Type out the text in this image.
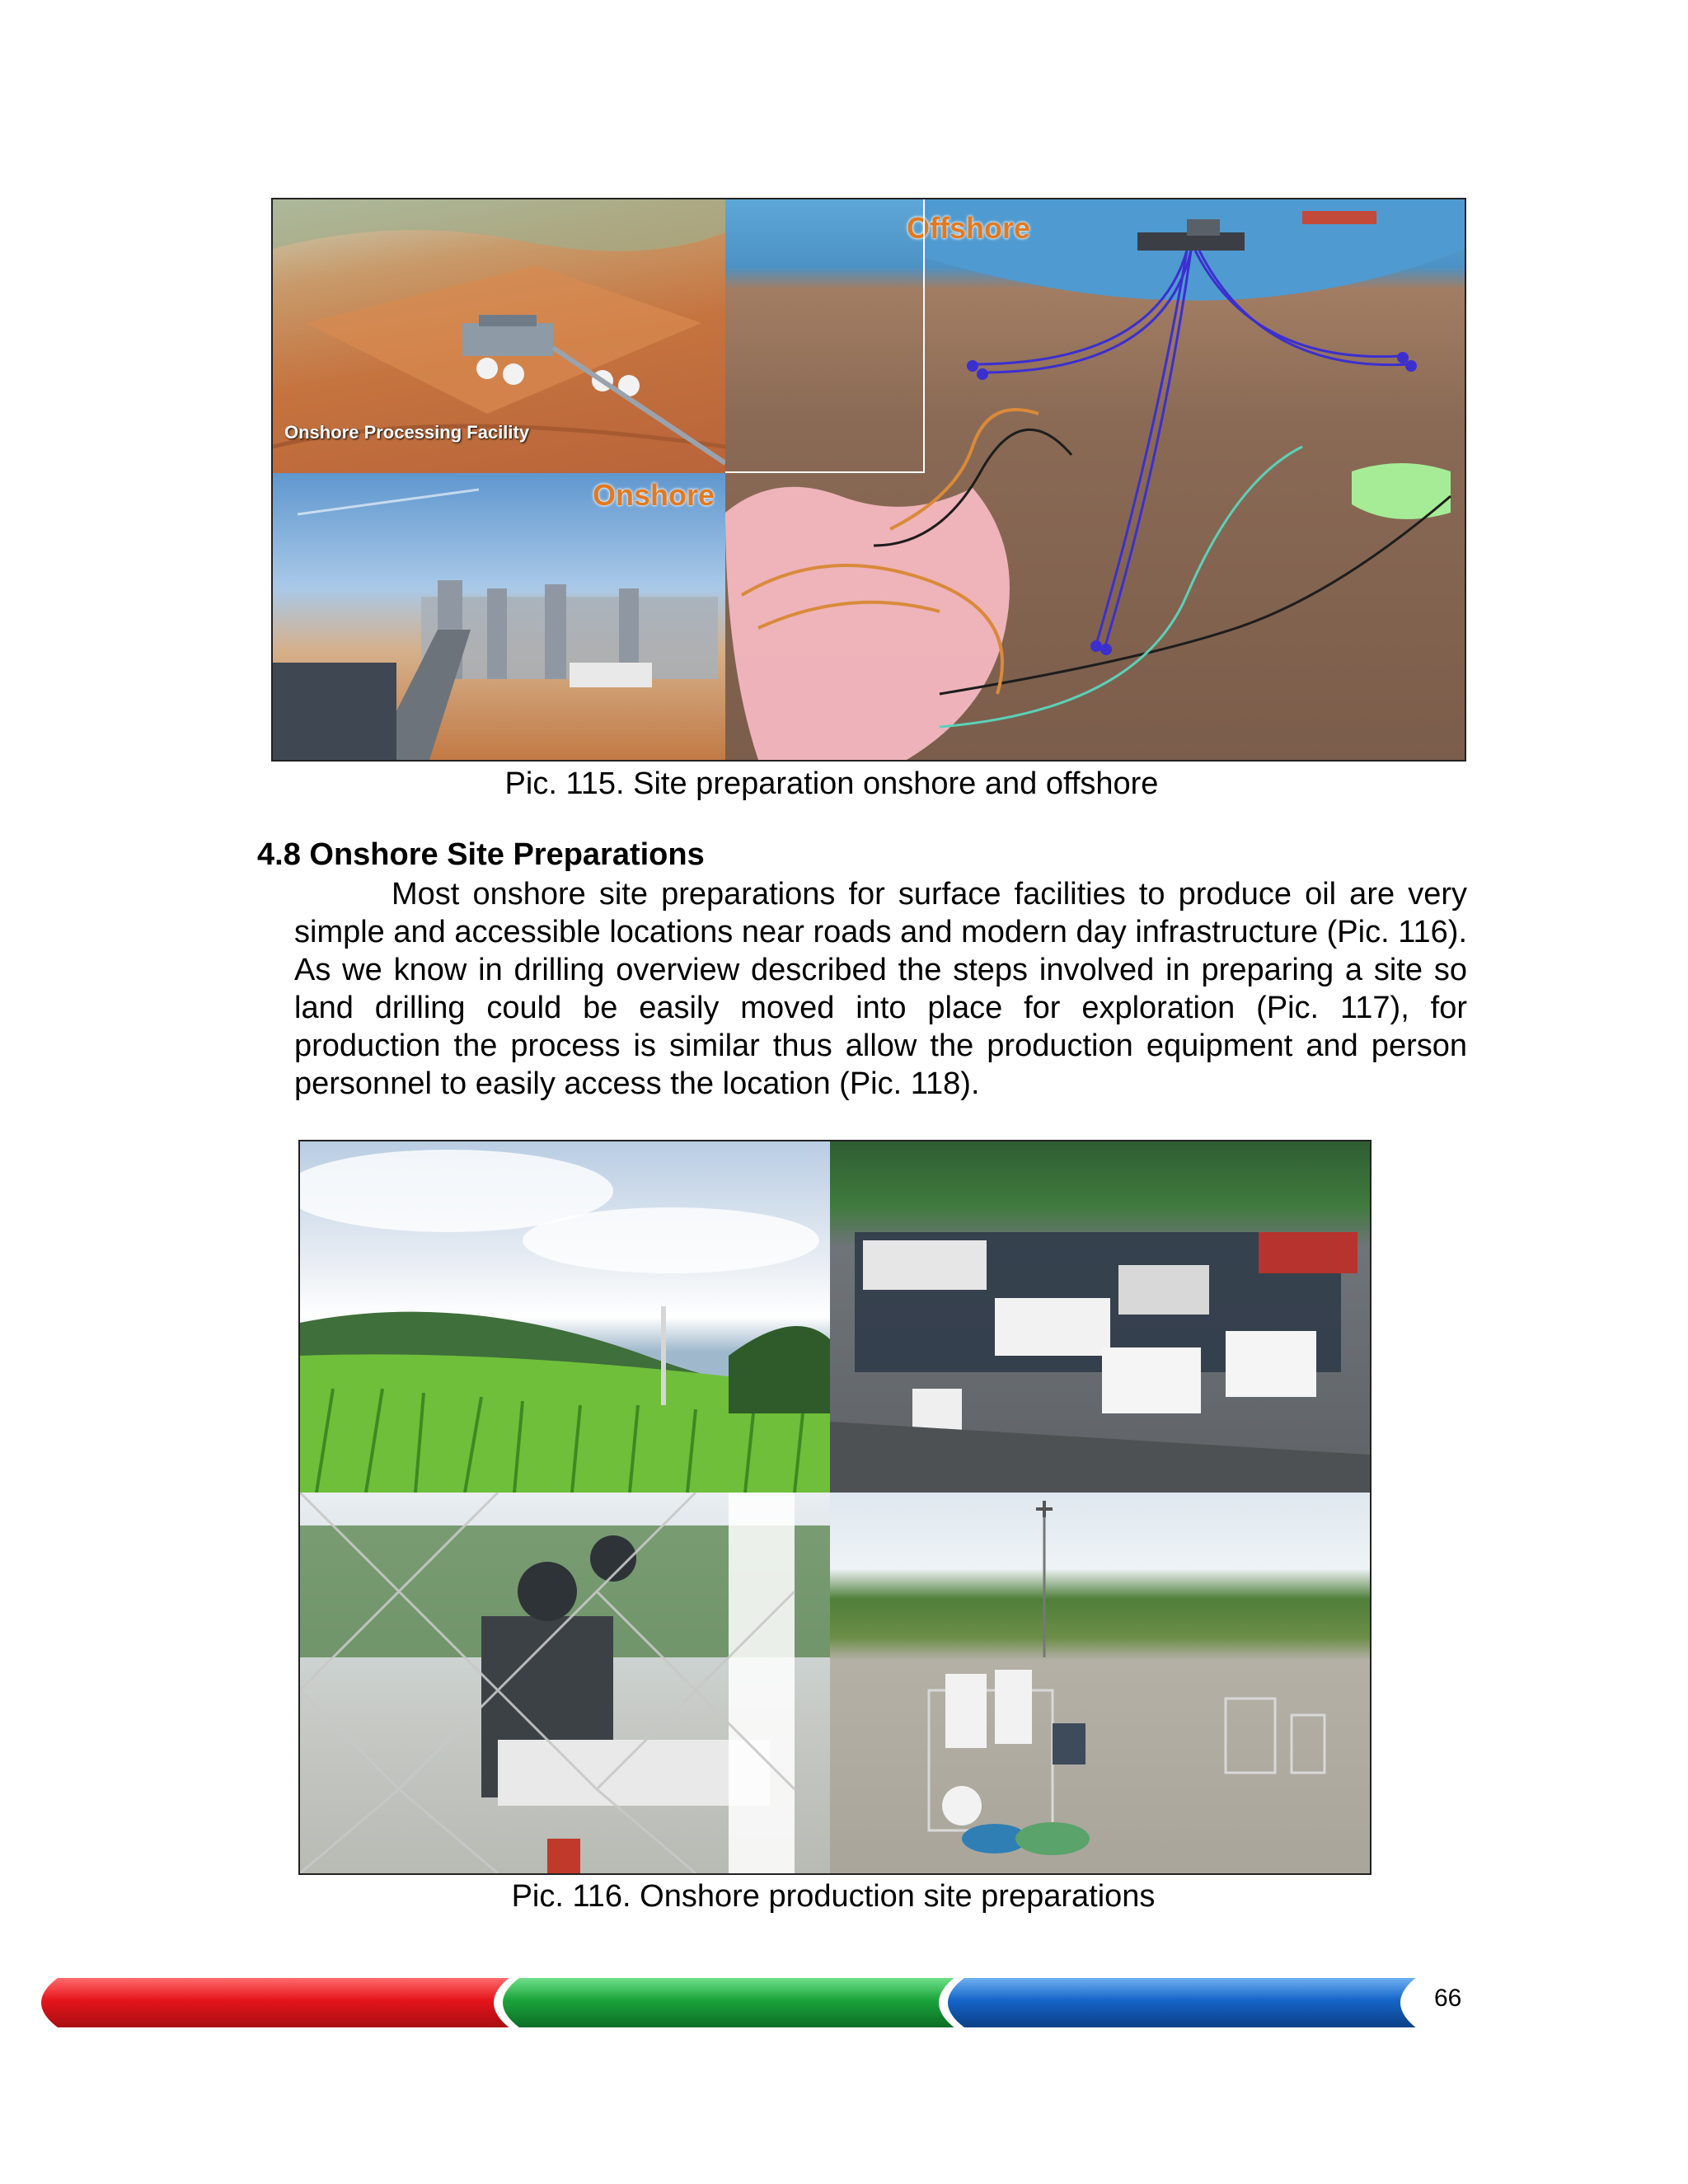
Onshore Processing Facility
Onshore
Offshore
Pic. 115. Site preparation onshore and offshore
4.8 Onshore Site Preparations
Most onshore site preparations for surface facilities to produce oil are very simple and accessible locations near roads and modern day infrastructure (Pic. 116). As we know in drilling overview described the steps involved in preparing a site so land drilling could be easily moved into place for exploration (Pic. 117), for production the process is similar thus allow the production equipment and person personnel to easily access the location (Pic. 118).
Pic. 116. Onshore production site preparations
66
